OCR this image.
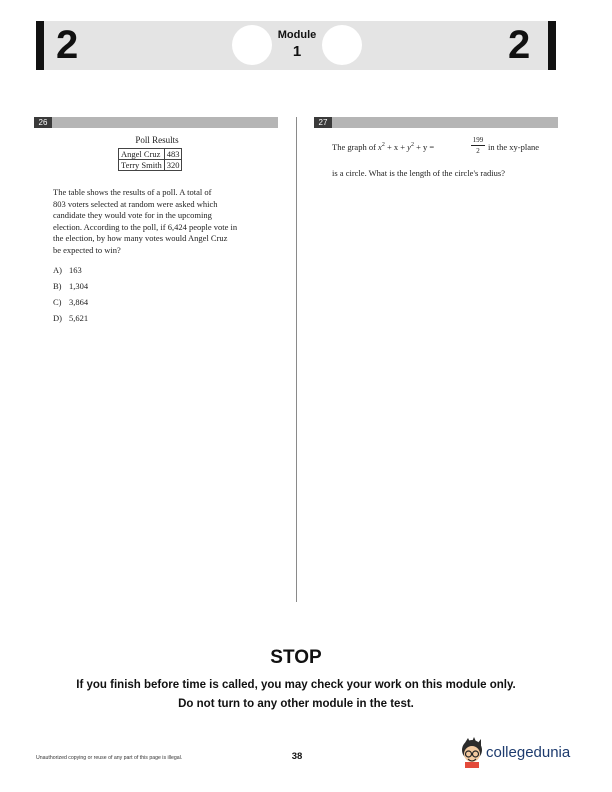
2	2
Module
1
26
Poll Results
Angel Cruz	483
Terry Smith	320
The table shows the results of a poll. A total of
803 voters selected at random were asked which
candidate they would vote for in the upcoming
election. According to the poll, if 6,424 people vote in
the election, by how many votes would Angel Cruz
be expected to win?
A) 163
B) 1,304
C) 3,864
D) 5,621
27
The graph of $x^2 + x + y^2 + y$ =	$\frac{199}{2}$ in the xy-plane
is a circle. What is the length of the circle's radius?
STOP
If you finish before time is called, you may check your work on this module only.
Do not turn to any other module in the test.
Unauthorized copying or reuse of any part of this page is illegal.	38	collegedunia
